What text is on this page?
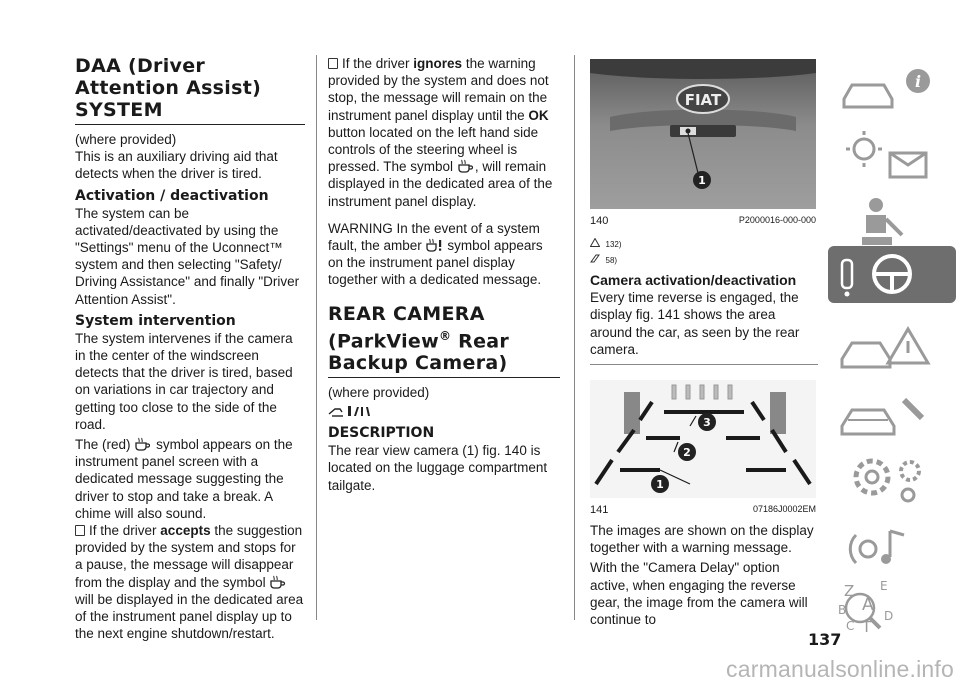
DAA (Driver Attention Assist) SYSTEM

(where provided)

This is an auxiliary driving aid that detects when the driver is tired.

Activation / deactivation

The system can be activated/deactivated by using the "Settings" menu of the Uconnect™ system and then selecting "Safety/ Driving Assistance" and finally "Driver Attention Assist".

System intervention

The system intervenes if the camera in the center of the windscreen detects that the driver is tired, based on variations in car trajectory and getting too close to the side of the road.

The (red) symbol appears on the instrument panel screen with a dedicated message suggesting the driver to stop and take a break. A chime will also sound.

If the driver accepts the suggestion provided by the system and stops for a pause, the message will disappear from the display and the symbol  will be displayed in the dedicated area of the instrument panel display up to the next engine shutdown/restart.

If the driver ignores the warning provided by the system and does not stop, the message will remain on the instrument panel display until the OK button located on the left hand side controls of the steering wheel is pressed. The symbol , will remain displayed in the dedicated area of the instrument panel display.

WARNING In the event of a system fault, the amber symbol appears on the instrument panel display together with a dedicated message.

REAR CAMERA (ParkView® Rear Backup Camera)

(where provided)

DESCRIPTION

The rear view camera (1) fig. 140 is located on the luggage compartment tailgate.

FIAT
1
140	P2000016-000-000
132)
58)
Camera activation/deactivation

Every time reverse is engaged, the display fig. 141 shows the area around the car, as seen by the rear camera.

3
2
1
141	07186J0002EM

The images are shown on the display together with a warning message.

With the "Camera Delay" option active, when engaging the reverse gear, the image from the camera will continue to

i
Z E
B A
C T
D
137
carmanualsonline.info
